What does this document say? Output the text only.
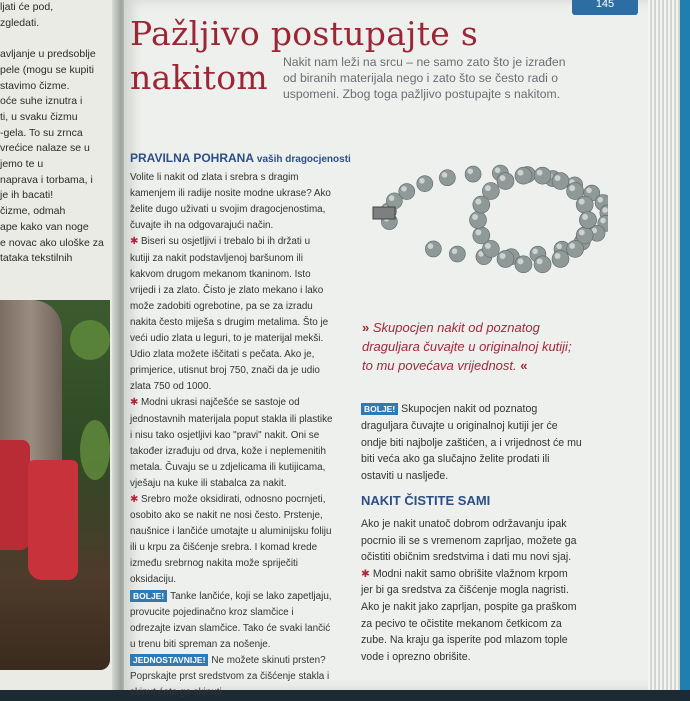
ljati će pod,
zgledati.

avljanje u predsoblje
pele (mogu se kupiti
stavimo čizme.
oće suhe iznutra i
ti, u svaku čizmu
-gela. To su zrnca
vrećice nalaze se u
jemo te u
naprava i torbama, i
je ih bacati!
čizme, odmah
ape kako van noge
e novac ako uloške za
tataka tekstilnih
145
Pažljivo postupajte s
nakitom	Nakit nam leži na srcu – ne samo zato što je izrađen od biranih materijala nego i zato što se često radi o uspomeni. Zbog toga pažljivo postupajte s nakitom.
PRAVILNA POHRANA vaših dragocjenosti
Volite li nakit od zlata i srebra s dragim
kamenjem ili radije nosite modne ukrase? Ako
želite dugo uživati u svojim dragocjenostima,
čuvajte ih na odgovarajući način.
✱ Biseri su osjetljivi i trebalo bi ih držati u
kutiji za nakit podstavljenoj baršunom ili
kakvom drugom mekanom tkaninom. Isto
vrijedi i za zlato. Čisto je zlato mekano i lako
može zadobiti ogrebotine, pa se za izradu
nakita često miješa s drugim metalima. Što je
veći udio zlata u leguri, to je materijal mekši.
Udio zlata možete iščitati s pečata. Ako je,
primjerice, utisnut broj 750, znači da je udio
zlata 750 od 1000.
✱ Modni ukrasi najčešće se sastoje od
jednostavnih materijala poput stakla ili plastike
i nisu tako osjetljivi kao "pravi" nakit. Oni se
također izrađuju od drva, kože i neplemenitih
metala. Čuvaju se u zdjelicama ili kutijicama,
vješaju na kuke ili stabalca za nakit.
✱ Srebro može oksidirati, odnosno pocrnjeti,
osobito ako se nakit ne nosi često. Prstenje,
naušnice i lančiće umotajte u aluminijsku foliju
ili u krpu za čišćenje srebra. I komad krede
između srebrnog nakita može spriječiti
oksidaciju.
BOLJE! Tanke lančiće, koji se lako zapetljaju,
provucite pojedinačno kroz slamčice i
odrezajte izvan slamčice. Tako će svaki lančić
u trenu biti spreman za nošenje.
JEDNOSTAVNIJE! Ne možete skinuti prsten?
Poprskajte prst sredstvom za čišćenje stakla i
skinut ćete ga skinuti.
» Skupocjen nakit od poznatog draguljara čuvajte u originalnoj kutiji; to mu povećava vrijednost. «
BOLJE! Skupocjen nakit od poznatog
draguljara čuvajte u originalnoj kutiji jer će
ondje biti najbolje zaštićen, a i vrijednost će mu
biti veća ako ga slučajno želite prodati ili
ostaviti u nasljeđe.
NAKIT ČISTITE SAMI
Ako je nakit unatoč dobrom održavanju ipak
pocrnio ili se s vremenom zaprljao, možete ga
očistiti običnim sredstvima i dati mu novi sjaj.
✱ Modni nakit samo obrišite vlažnom krpom
jer bi ga sredstva za čišćenje mogla nagristi.
Ako je nakit jako zaprljan, pospite ga praškom
za pecivo te očistite mekanom četkicom za
zube. Na kraju ga isperite pod mlazom tople
vode i oprezno obrišite.
